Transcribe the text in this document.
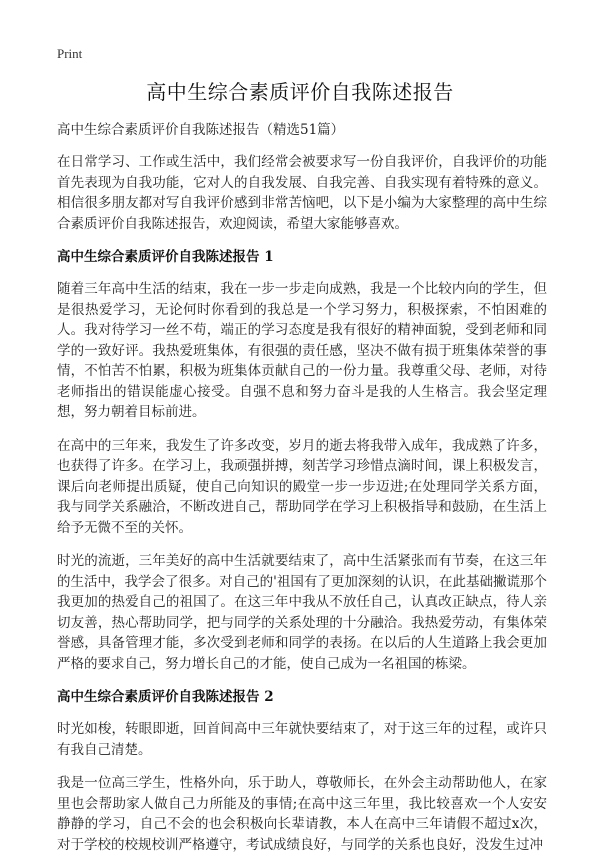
Print
高中生综合素质评价自我陈述报告

高中生综合素质评价自我陈述报告（精选51篇）

在日常学习、工作或生活中，我们经常会被要求写一份自我评价，自我评价的功能首先表现为自我功能，它对人的自我发展、自我完善、自我实现有着特殊的意义。相信很多朋友都对写自我评价感到非常苦恼吧，以下是小编为大家整理的高中生综合素质评价自我陈述报告，欢迎阅读，希望大家能够喜欢。

高中生综合素质评价自我陈述报告 1

随着三年高中生活的结束，我在一步一步走向成熟，我是一个比较内向的学生，但是很热爱学习，无论何时你看到的我总是一个学习努力，积极探索，不怕困难的人。我对待学习一丝不苟，端正的学习态度是我有很好的精神面貌，受到老师和同学的一致好评。我热爱班集体，有很强的责任感，坚决不做有损于班集体荣誉的事情，不怕苦不怕累，积极为班集体贡献自己的一份力量。我尊重父母、老师，对待老师指出的错误能虚心接受。自强不息和努力奋斗是我的人生格言。我会坚定理想，努力朝着目标前进。

在高中的三年来，我发生了许多改变，岁月的逝去将我带入成年，我成熟了许多，也获得了许多。在学习上，我顽强拼搏，刻苦学习珍惜点滴时间，课上积极发言，课后向老师提出质疑，使自己向知识的殿堂一步一步迈进;在处理同学关系方面，我与同学关系融洽，不断改进自己，帮助同学在学习上积极指导和鼓励，在生活上给予无微不至的关怀。

时光的流逝，三年美好的高中生活就要结束了，高中生活紧张而有节奏，在这三年的生活中，我学会了很多。对自己的'祖国有了更加深刻的认识，在此基础撇谎那个我更加的热爱自己的祖国了。在这三年中我从不放任自己，认真改正缺点，待人亲切友善，热心帮助同学，把与同学的关系处理的十分融洽。我热爱劳动，有集体荣誉感，具备管理才能，多次受到老师和同学的表扬。在以后的人生道路上我会更加严格的要求自己，努力增长自己的才能，使自己成为一名祖国的栋梁。

高中生综合素质评价自我陈述报告 2

时光如梭，转眼即逝，回首间高中三年就快要结束了，对于这三年的过程，或许只有我自己清楚。

我是一位高三学生，性格外向，乐于助人，尊敬师长，在外会主动帮助他人，在家里也会帮助家人做自己力所能及的事情;在高中这三年里，我比较喜欢一个人安安静静的学习，自己不会的也会积极向长辈请教，本人在高中三年请假不超过x次，对于学校的校规校训严格遵守，考试成绩良好，与同学的关系也良好，没发生过冲
